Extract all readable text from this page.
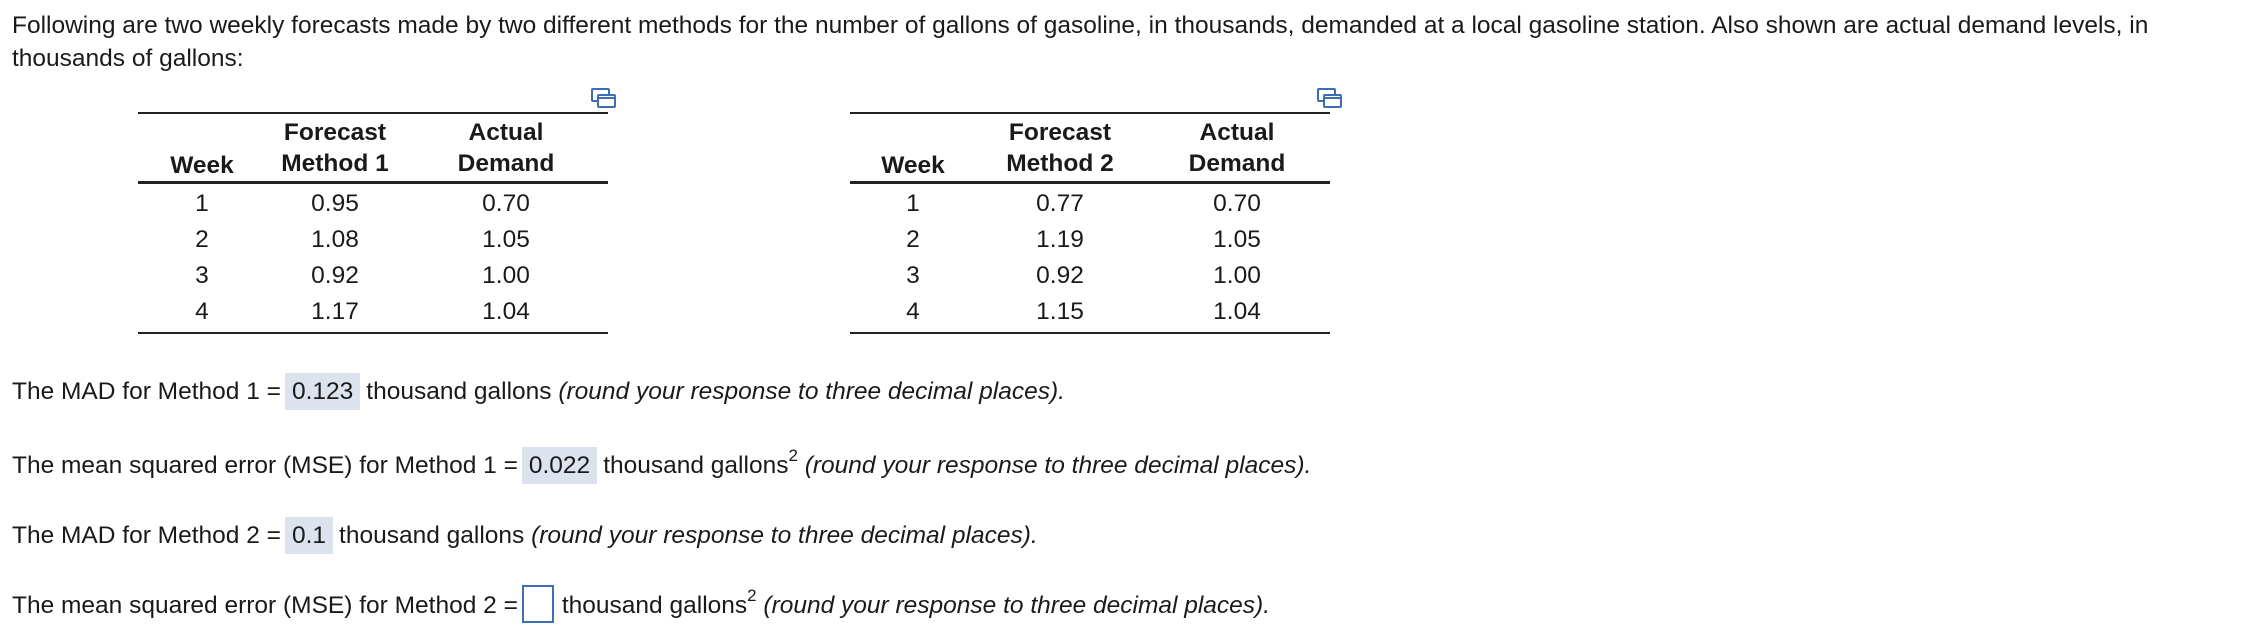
Following are two weekly forecasts made by two different methods for the number of gallons of gasoline, in thousands, demanded at a local gasoline station. Also shown are actual demand levels, in thousands of gallons:
Week	Forecast	Actual
	Method 1	Demand
1	0.95	0.70
2	1.08	1.05
3	0.92	1.00
4	1.17	1.04
Week	Forecast	Actual
	Method 2	Demand
1	0.77	0.70
2	1.19	1.05
3	0.92	1.00
4	1.15	1.04
The MAD for Method 1 = 0.123 thousand gallons (round your response to three decimal places).
The mean squared error (MSE) for Method 1 = 0.022 thousand gallons$^2$ (round your response to three decimal places).
The MAD for Method 2 = 0.1 thousand gallons (round your response to three decimal places).
The mean squared error (MSE) for Method 2 = thousand gallons$^2$ (round your response to three decimal places).
